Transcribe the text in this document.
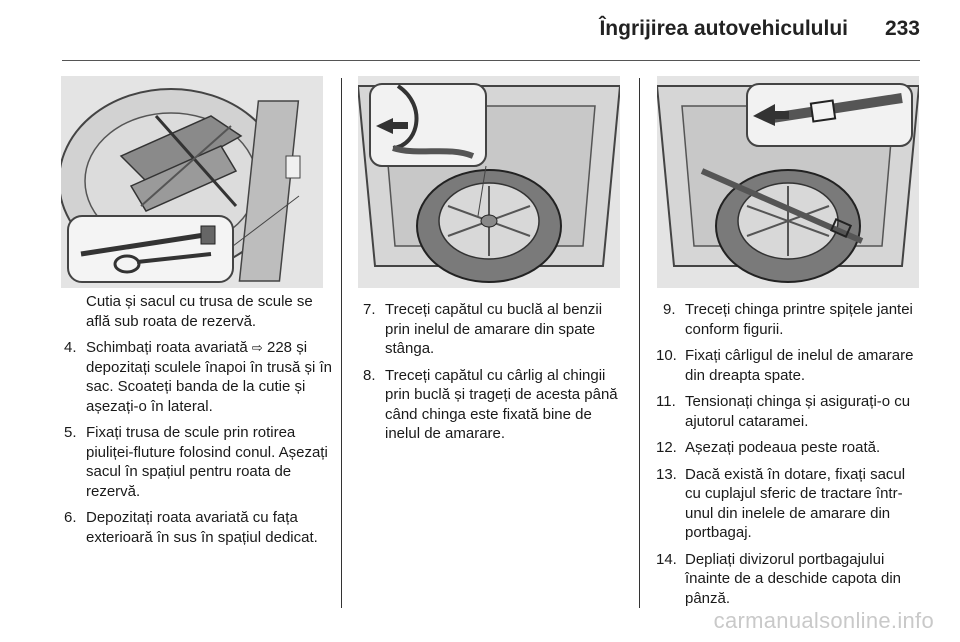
Îngrijirea autovehiculului 233

Cutia și sacul cu trusa de scule se află sub roata de rezervă.

4. Schimbați roata avariată ⇨ 228 și depozitați sculele înapoi în trusă și în sac. Scoateți banda de la cutie și așezați-o în lateral.
5. Fixați trusa de scule prin rotirea piuliței-fluture folosind conul. Așezați sacul în spațiul pentru roata de rezervă.
6. Depozitați roata avariată cu fața exterioară în sus în spațiul dedicat.
7. Treceți capătul cu buclă al benzii prin inelul de amarare din spate stânga.
8. Treceți capătul cu cârlig al chingii prin buclă și trageți de acesta până când chinga este fixată bine de inelul de amarare.
9. Treceți chinga printre spițele jantei conform figurii.
10. Fixați cârligul de inelul de amarare din dreapta spate.
11. Tensionați chinga și asigurați-o cu ajutorul cataramei.
12. Așezați podeaua peste roată.
13. Dacă există în dotare, fixați sacul cu cuplajul sferic de tractare într-unul din inelele de amarare din portbagaj.
14. Depliați divizorul portbagajului înainte de a deschide capota din pânză.
carmanualsonline.info
